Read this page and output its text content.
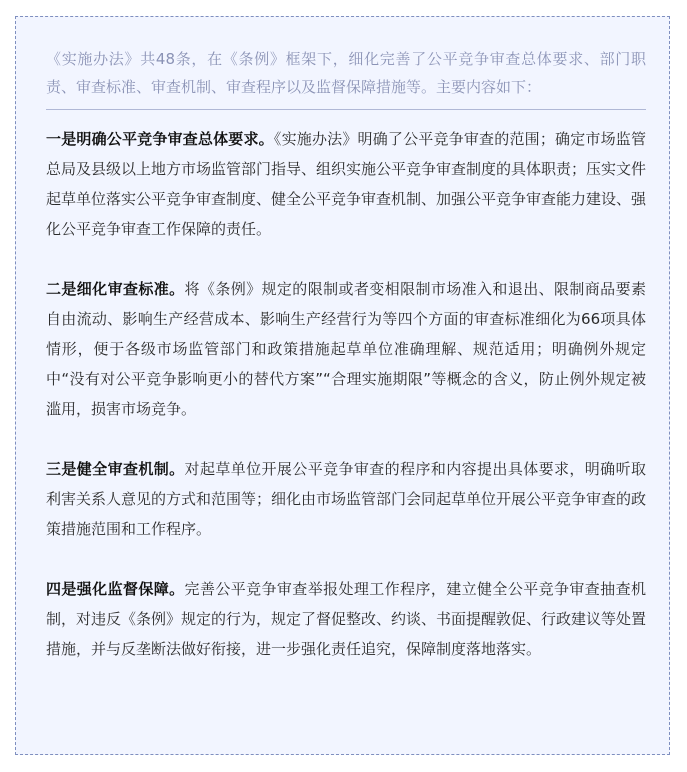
《实施办法》共48条，在《条例》框架下，细化完善了公平竞争审查总体要求、部门职责、审查标准、审查机制、审查程序以及监督保障措施等。主要内容如下：

一是明确公平竞争审查总体要求。《实施办法》明确了公平竞争审查的范围；确定市场监管总局及县级以上地方市场监管部门指导、组织实施公平竞争审查制度的具体职责；压实文件起草单位落实公平竞争审查制度、健全公平竞争审查机制、加强公平竞争审查能力建设、强化公平竞争审查工作保障的责任。

二是细化审查标准。将《条例》规定的限制或者变相限制市场准入和退出、限制商品要素自由流动、影响生产经营成本、影响生产经营行为等四个方面的审查标准细化为66项具体情形，便于各级市场监管部门和政策措施起草单位准确理解、规范适用；明确例外规定中“没有对公平竞争影响更小的替代方案”“合理实施期限”等概念的含义，防止例外规定被滥用，损害市场竞争。

三是健全审查机制。对起草单位开展公平竞争审查的程序和内容提出具体要求，明确听取利害关系人意见的方式和范围等；细化由市场监管部门会同起草单位开展公平竞争审查的政策措施范围和工作程序。

四是强化监督保障。完善公平竞争审查举报处理工作程序，建立健全公平竞争审查抽查机制，对违反《条例》规定的行为，规定了督促整改、约谈、书面提醒敦促、行政建议等处置措施，并与反垄断法做好衔接，进一步强化责任追究，保障制度落地落实。
